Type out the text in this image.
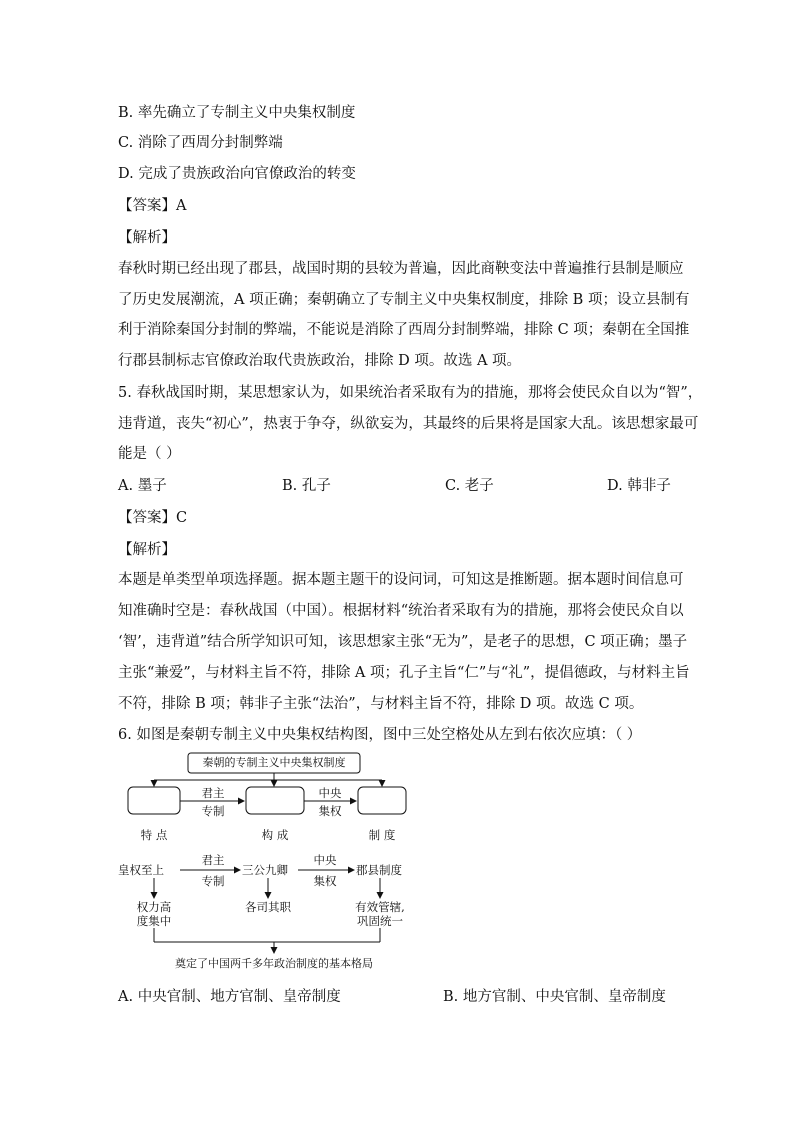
B. 率先确立了专制主义中央集权制度
C. 消除了西周分封制弊端
D. 完成了贵族政治向官僚政治的转变
【答案】A
【解析】
春秋时期已经出现了郡县，战国时期的县较为普遍，因此商鞅变法中普遍推行县制是顺应
了历史发展潮流，A 项正确；秦朝确立了专制主义中央集权制度，排除 B 项；设立县制有
利于消除秦国分封制的弊端，不能说是消除了西周分封制弊端，排除 C 项；秦朝在全国推
行郡县制标志官僚政治取代贵族政治，排除 D 项。故选 A 项。
5. 春秋战国时期，某思想家认为，如果统治者采取有为的措施，那将会使民众自以为“智”，
违背道，丧失“初心”，热衷于争夺，纵欲妄为，其最终的后果将是国家大乱。该思想家最可
能是（ ）
A. 墨子	B. 孔子	C. 老子	D. 韩非子
【答案】C
【解析】
本题是单类型单项选择题。据本题主题干的设问词，可知这是推断题。据本题时间信息可
知准确时空是：春秋战国（中国）。根据材料“统治者采取有为的措施，那将会使民众自以
‘智’，违背道”结合所学知识可知，该思想家主张“无为”，是老子的思想，C 项正确；墨子
主张“兼爱”，与材料主旨不符，排除 A 项；孔子主旨“仁”与“礼”，提倡德政，与材料主旨
不符，排除 B 项；韩非子主张“法治”，与材料主旨不符，排除 D 项。故选 C 项。
6. 如图是秦朝专制主义中央集权结构图，图中三处空格处从左到右依次应填：（ ）
秦朝的专制主义中央集权制度
君主
专制
中央
集权
特 点	构 成	制 度
皇权至上
君主
专制
三公九卿
中央
集权
郡县制度
权力高
度集中
各司其职	有效管辖,
巩固统一
奠定了中国两千多年政治制度的基本格局
A. 中央官制、地方官制、皇帝制度	B. 地方官制、中央官制、皇帝制度
